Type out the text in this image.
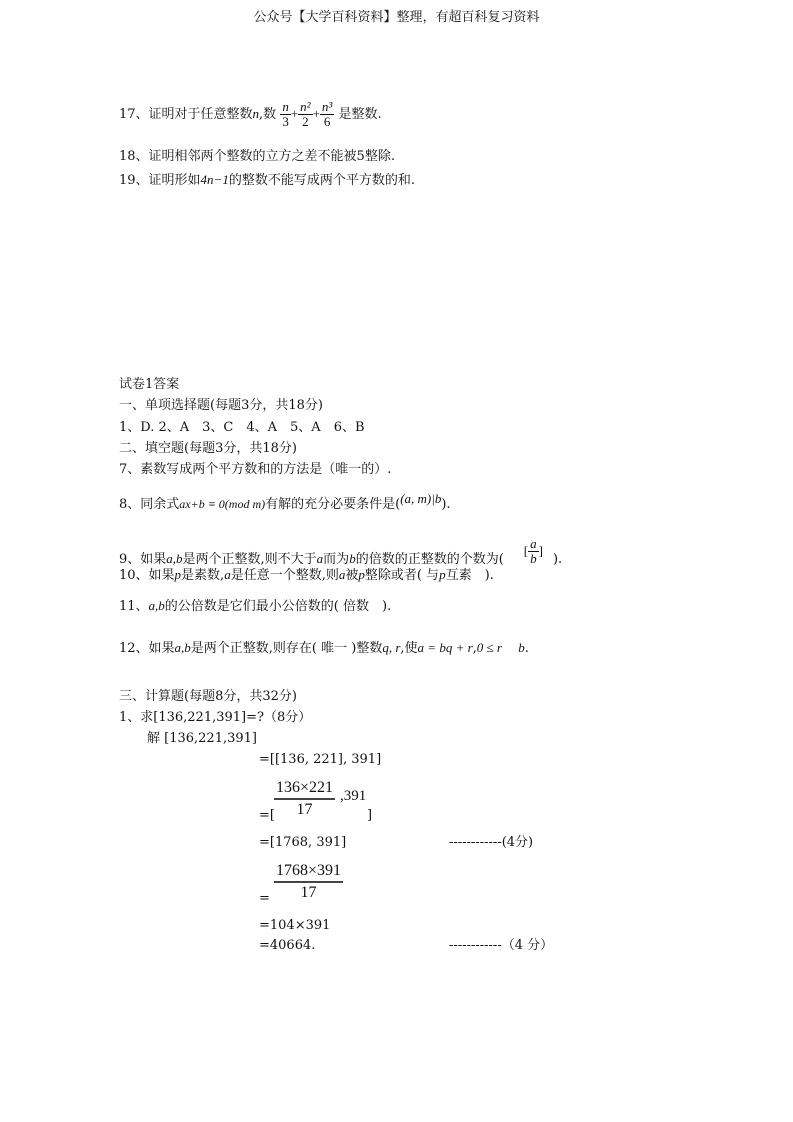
公众号【大学百科资料】整理，有超百科复习资料
17、证明对于任意整数n,数 $\frac{n}{3} + \frac{\text{n²}}{2} + \frac{\text{n³}}{6}$ 是整数.
18、证明相邻两个整数的立方之差不能被5整除.
19、证明形如4n−1的整数不能写成两个平方数的和.
试卷1答案
一、单项选择题(每题3分，共18分)
1、D. 2、A　3、C　4、A　5、A　6、B
二、填空题(每题3分，共18分)
7、素数写成两个平方数和的方法是（唯一的）.
8、同余式ax+b ≡ 0(mod m)有解的充分必要条件是((a, m)|b).
9、如果a,b是两个正整数,则不大于a而为b的倍数的正整数的个数为([ $\frac{a}{b}$ ]).
10、如果p是素数,a是任意一个整数,则a被p整除或者( 与p互素　).
11、a,b的公倍数是它们最小公倍数的( 倍数　).
12、如果a,b是两个正整数,则存在( 唯一 )整数q, r,使a = bq + r,0 ≤ r　 b.
三、计算题(每题8分，共32分)
1、求[136,221,391]=?（8分）
解 [136,221,391]
=[[136, 221], 391]
=[ $\frac{136\times 221}{17} ,391$
]
=[1768, 391]	------------(4分)
= $\frac{1768\times 391}{17}$
=104×391
=40664.	------------（4 分）
